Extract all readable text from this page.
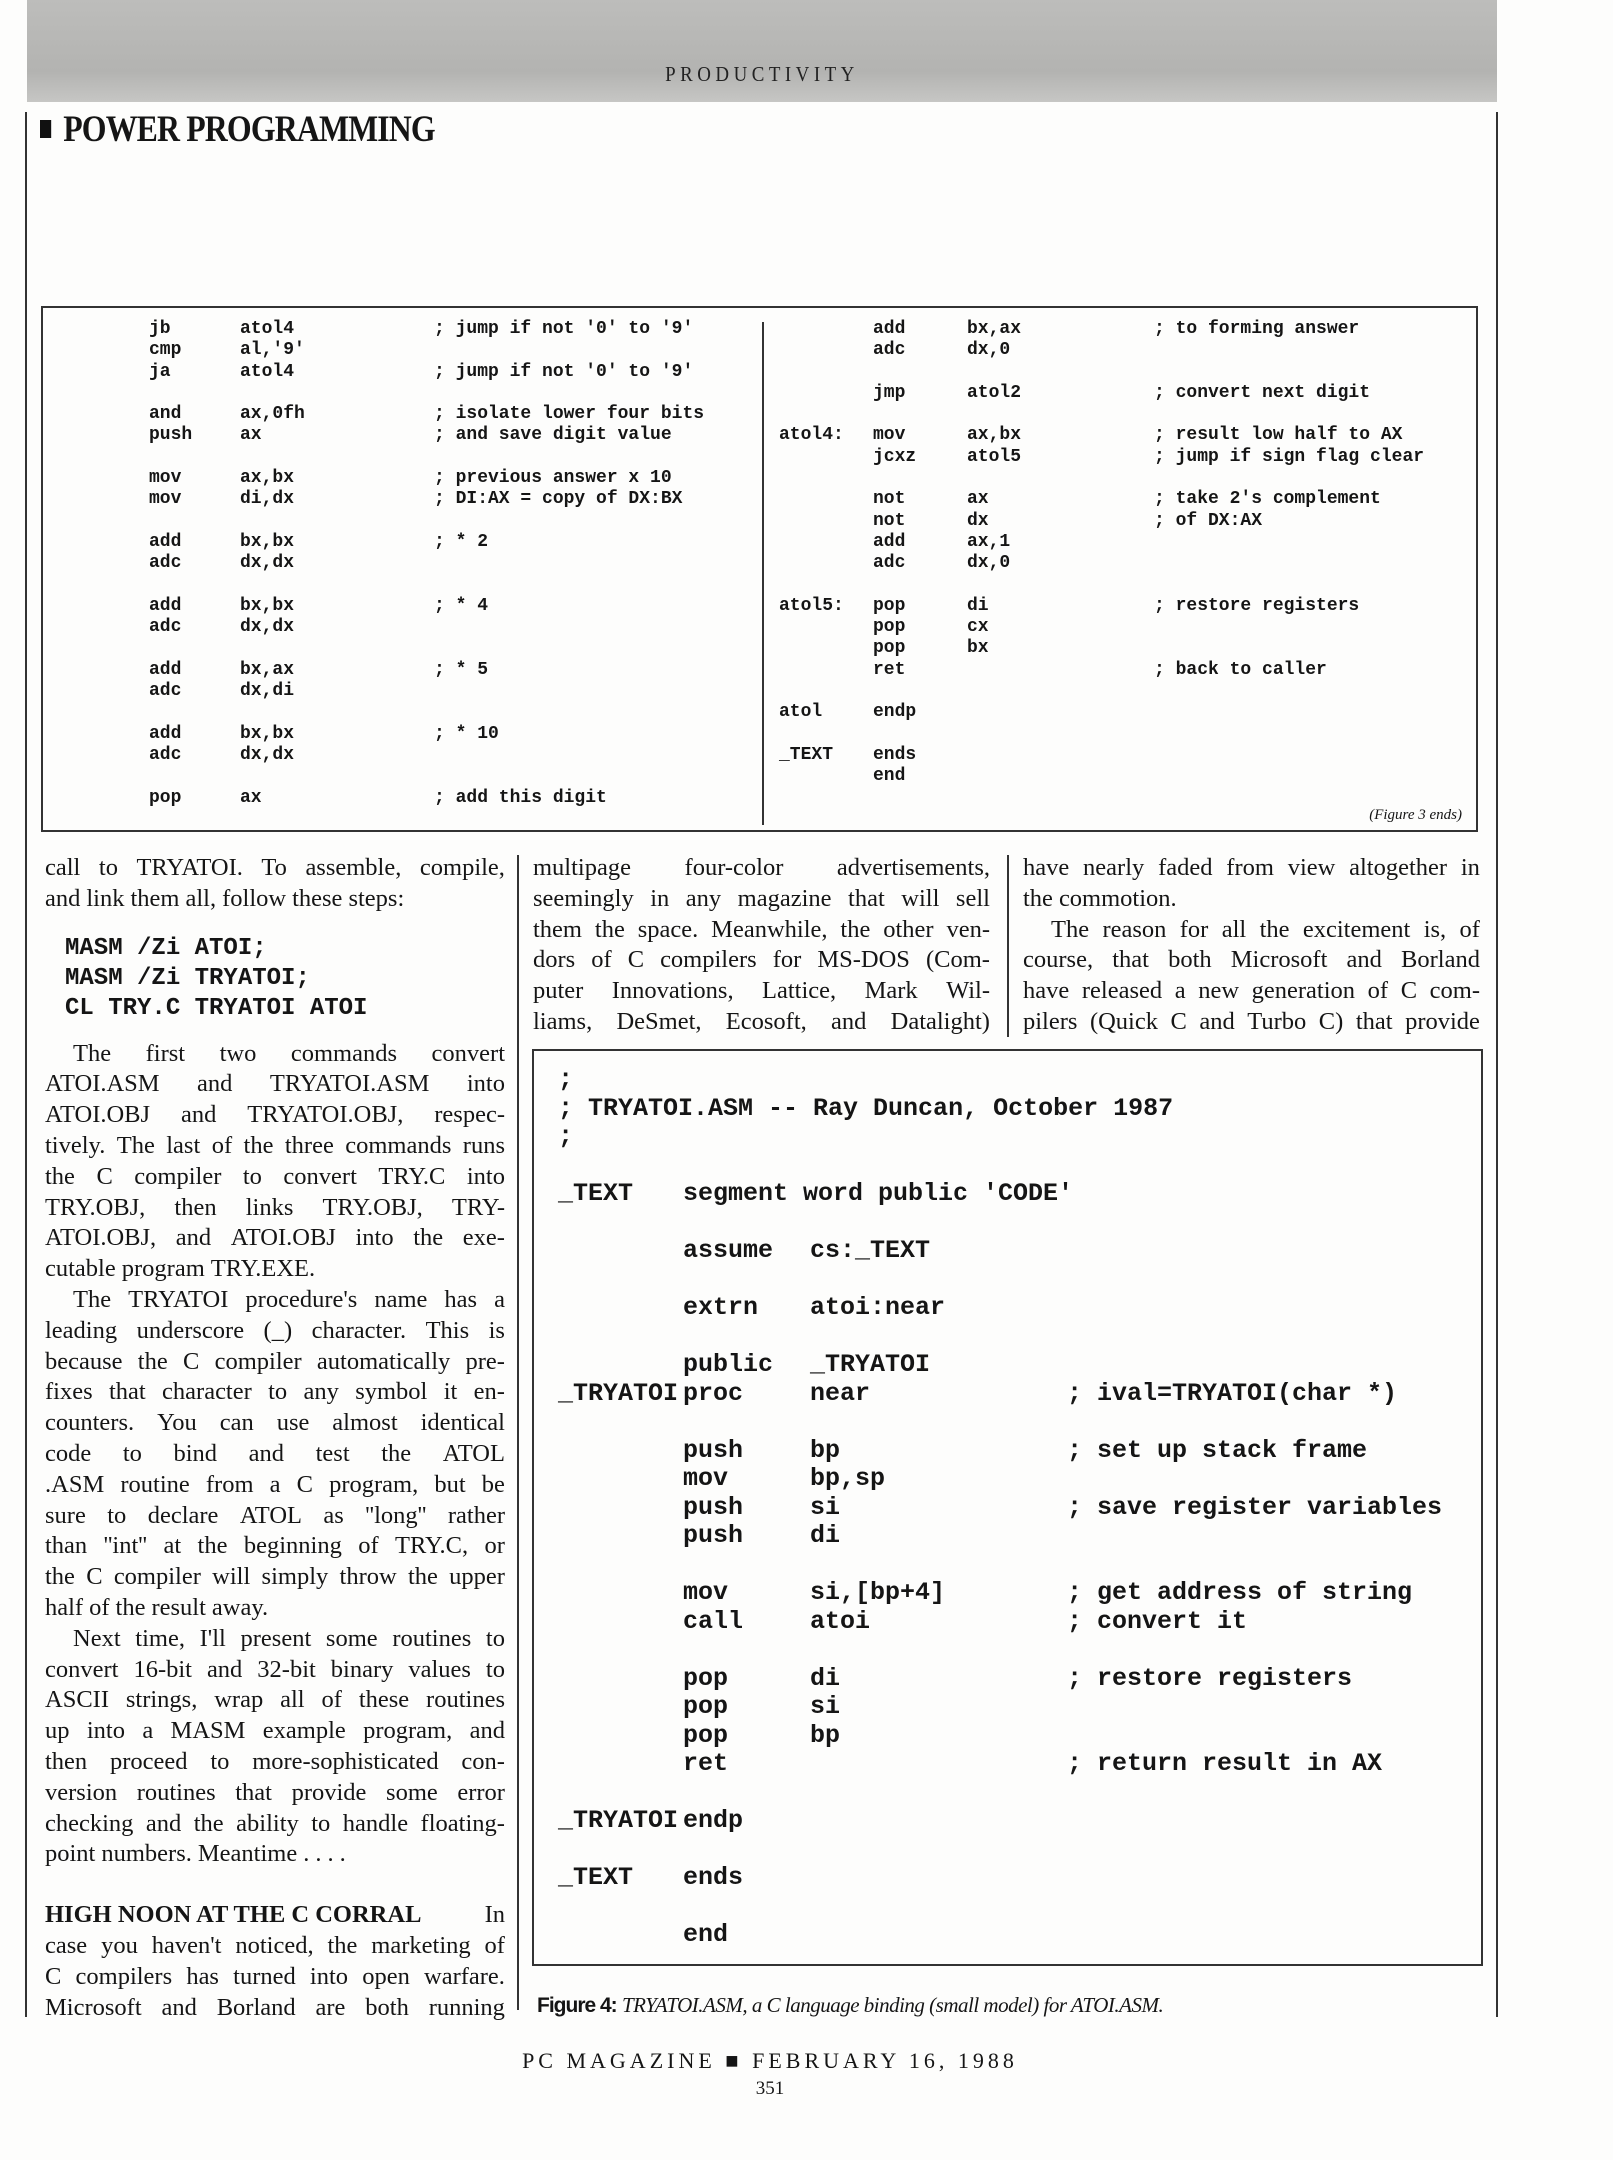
PRODUCTIVITY
POWER PROGRAMMING
jb	atol4	; jump if not '0' to '9'
cmp	al,'9'
ja	atol4	; jump if not '0' to '9'
and	ax,0fh	; isolate lower four bits
push	ax	; and save digit value
mov	ax,bx	; previous answer x 10
mov	di,dx	; DI:AX = copy of DX:BX
add	bx,bx	; * 2
adc	dx,dx
add	bx,bx	; * 4
adc	dx,dx
add	bx,ax	; * 5
adc	dx,di
add	bx,bx	; * 10
adc	dx,dx
pop	ax	; add this digit
add	bx,ax	; to forming answer
adc	dx,0
jmp	atol2	; convert next digit
atol4: mov	ax,bx	; result low half to AX
jcxz	atol5	; jump if sign flag clear
not	ax	; take 2's complement
not	dx	; of DX:AX
add	ax,1
adc	dx,0
atol5: pop	di	; restore registers
pop	cx
pop	bx
ret	; back to caller
atol	endp
_TEXT ends
end
(Figure 3 ends)
call to TRYATOI. To assemble, compile,
and link them all, follow these steps:
MASM /Zi ATOI;
MASM /Zi TRYATOI;
CL TRY.C TRYATOI ATOI
The first two commands convert
ATOI.ASM and TRYATOI.ASM into
ATOI.OBJ and TRYATOI.OBJ, respec-
tively. The last of the three commands runs
the C compiler to convert TRY.C into
TRY.OBJ, then links TRY.OBJ, TRY-
ATOI.OBJ, and ATOI.OBJ into the exe-
cutable program TRY.EXE.
The TRYATOI procedure's name has a
leading underscore (_) character. This is
because the C compiler automatically pre-
fixes that character to any symbol it en-
counters. You can use almost identical
code to bind and test the ATOL
.ASM routine from a C program, but be
sure to declare ATOL as ''long'' rather
than ''int'' at the beginning of TRY.C, or
the C compiler will simply throw the upper
half of the result away.
Next time, I'll present some routines to
convert 16-bit and 32-bit binary values to
ASCII strings, wrap all of these routines
up into a MASM example program, and
then proceed to more-sophisticated con-
version routines that provide some error
checking and the ability to handle floating-
point numbers. Meantime . . . .
HIGH NOON AT THE C CORRAL	In
case you haven't noticed, the marketing of
C compilers has turned into open warfare.
Microsoft and Borland are both running
multipage four-color advertisements,
seemingly in any magazine that will sell
them the space. Meanwhile, the other ven-
dors of C compilers for MS-DOS (Com-
puter Innovations, Lattice, Mark Wil-
liams, DeSmet, Ecosoft, and Datalight)
have nearly faded from view altogether in
the commotion.
The reason for all the excitement is, of
course, that both Microsoft and Borland
have released a new generation of C com-
pilers (Quick C and Turbo C) that provide
;
; TRYATOI.ASM -- Ray Duncan, October 1987
;
_TEXT segment word public 'CODE'
assume cs:_TEXT
extrn atoi:near
public _TRYATOI
_TRYATOI proc	near	; ival=TRYATOI(char *)
push	bp	; set up stack frame
mov	bp,sp
push	si	; save register variables
push	di
mov	si,[bp+4]	; get address of string
call	atoi	; convert it
pop	di	; restore registers
pop	si
pop	bp
ret	; return result in AX
_TRYATOI endp
_TEXT ends
end
Figure 4: TRYATOI.ASM, a C language binding (small model) for ATOI.ASM.
PC MAGAZINE ■ FEBRUARY 16, 1988
351
